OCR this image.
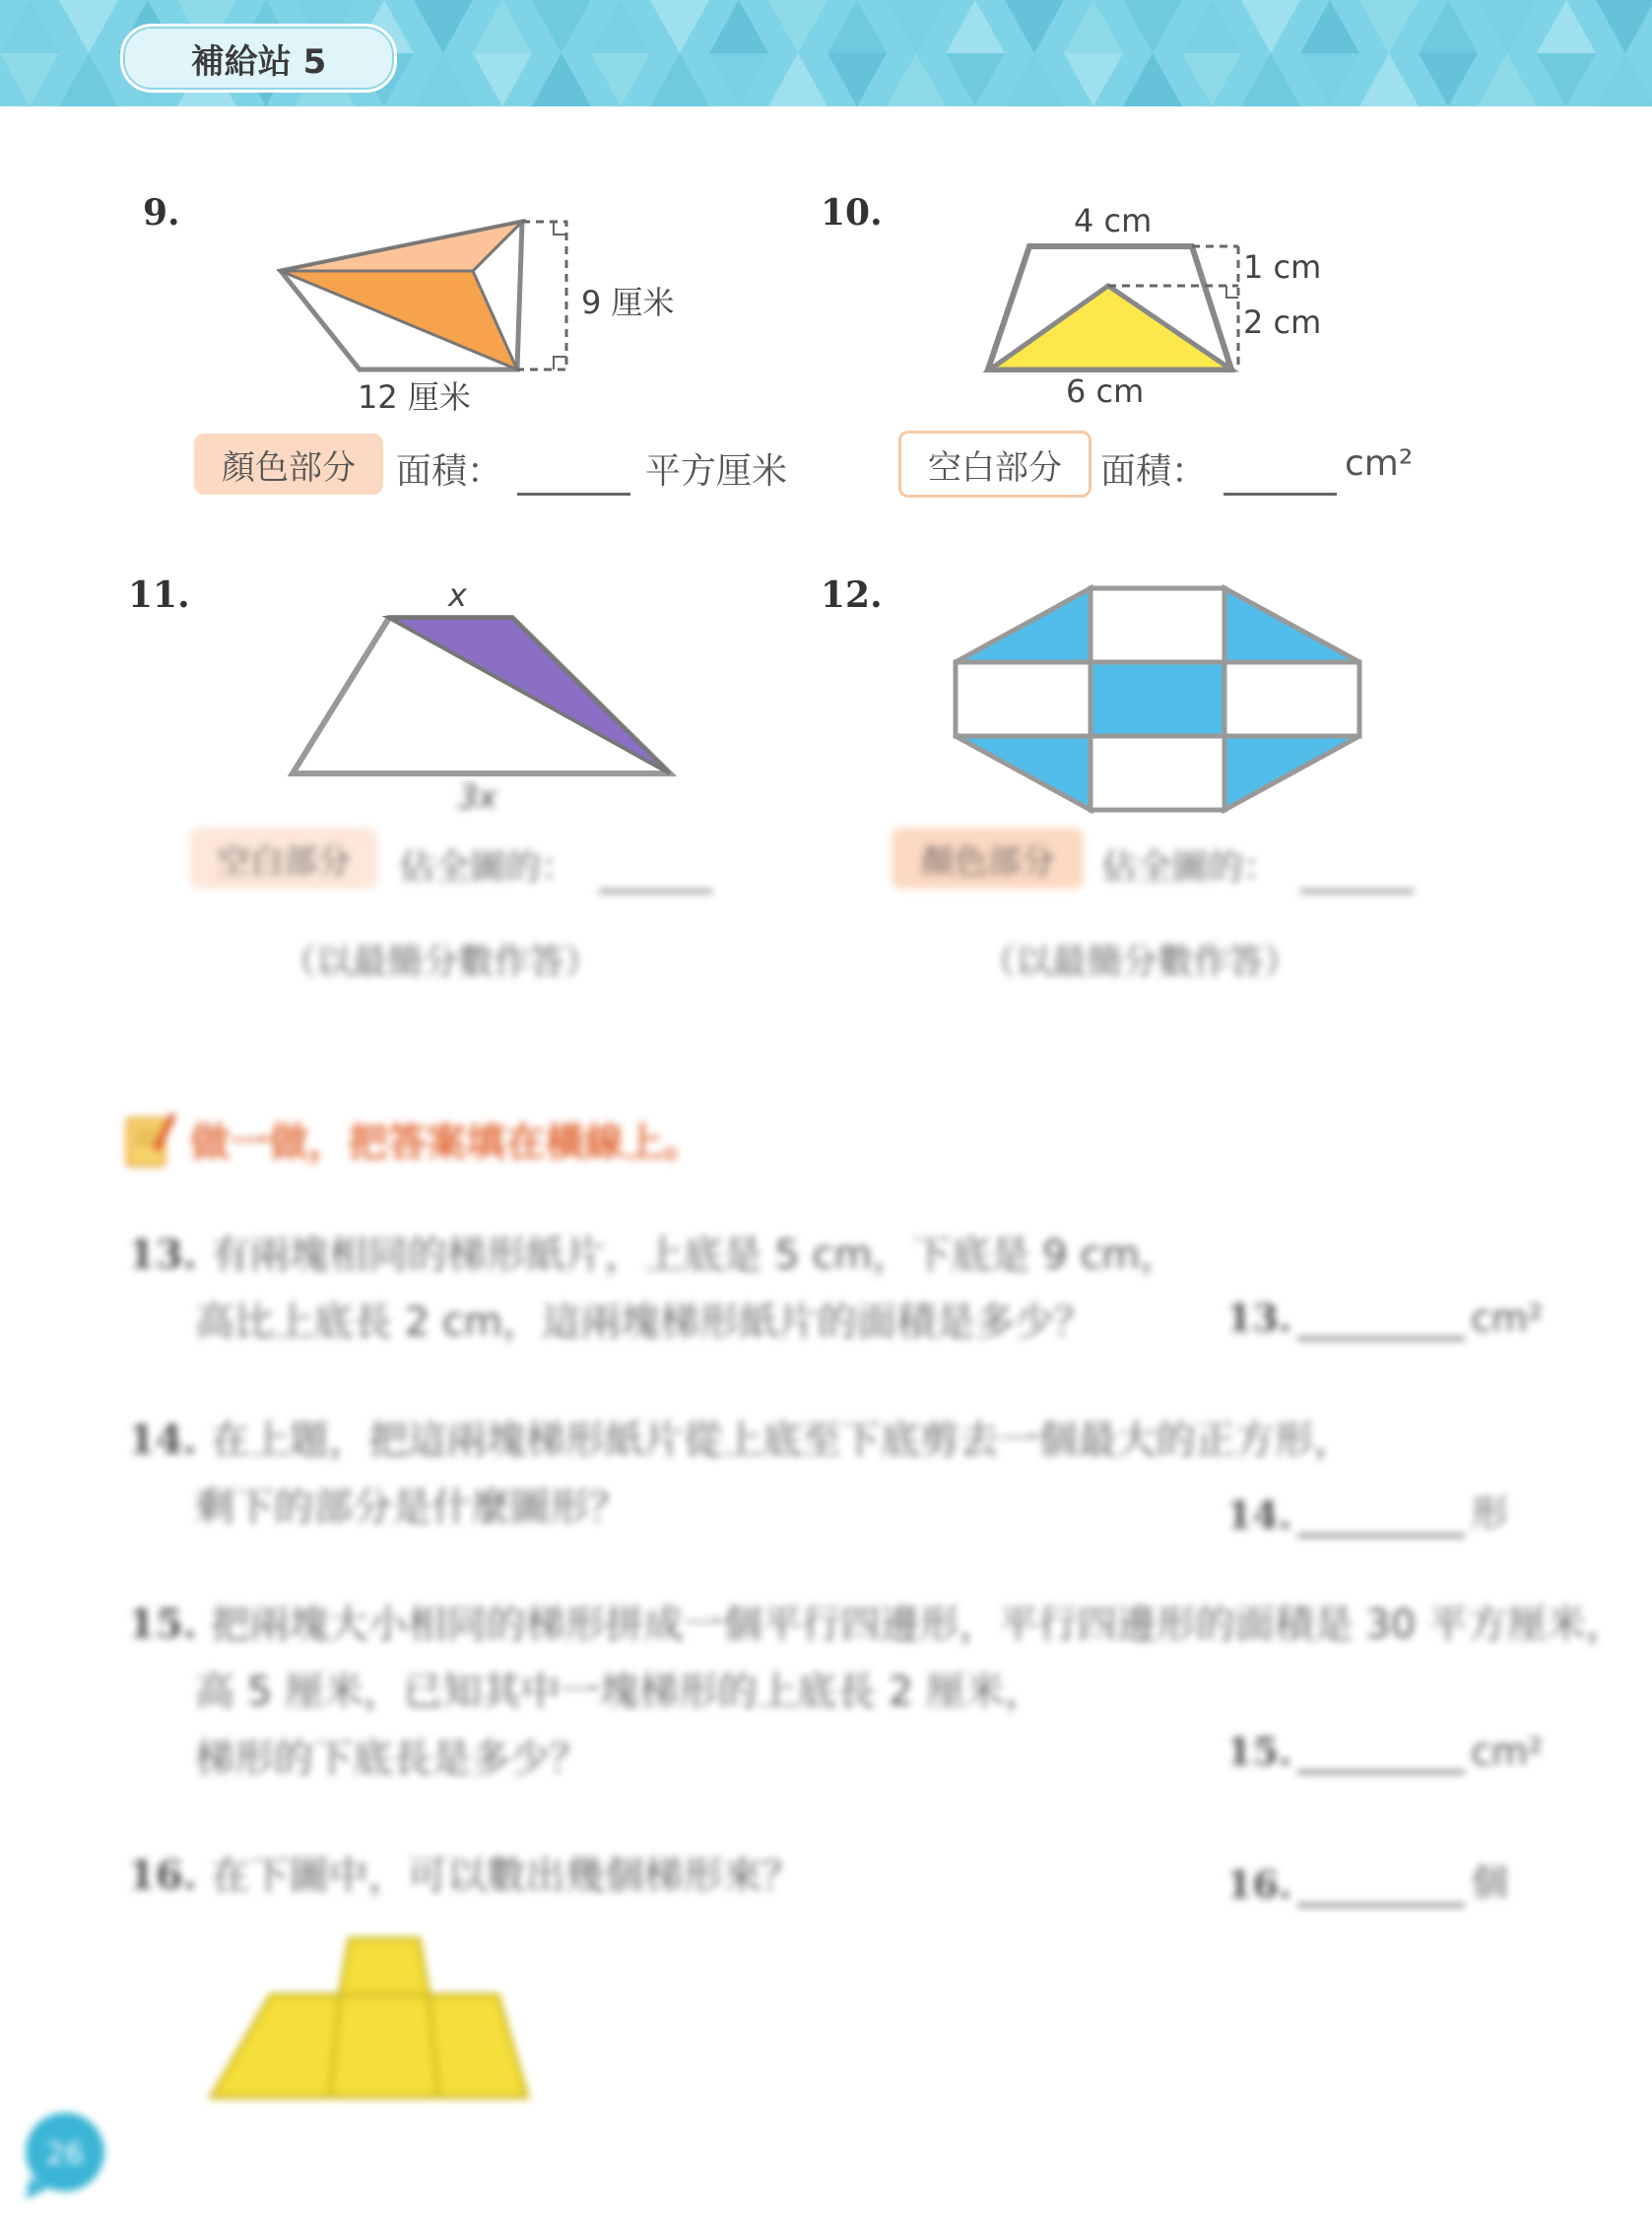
補給站 5
9.
9 厘米
12 厘米
顏色部分 面積：	平方厘米
10.	4 cm
1 cm
2 cm
6 cm
空白部分 面積：	cm²
11.	x
3x
空白部分 佔全圖的：
（以最簡分數作答）
12.
顏色部分 佔全圖的：
（以最簡分數作答）
做一做，把答案填在橫線上。
13. 有兩塊相同的梯形紙片，上底是 5 cm，下底是 9 cm，
高比上底長 2 cm，這兩塊梯形紙片的面積是多少？	13.	cm²
14. 在上題，把這兩塊梯形紙片從上底至下底剪去一個最大的正方形，
剩下的部分是什麼圖形？	14.	形
15. 把兩塊大小相同的梯形拼成一個平行四邊形，平行四邊形的面積是 30 平方厘米，
高 5 厘米，已知其中一塊梯形的上底長 2 厘米，
梯形的下底長是多少？	15.	cm²
16. 在下圖中，可以數出幾個梯形來？	16.	個
26
